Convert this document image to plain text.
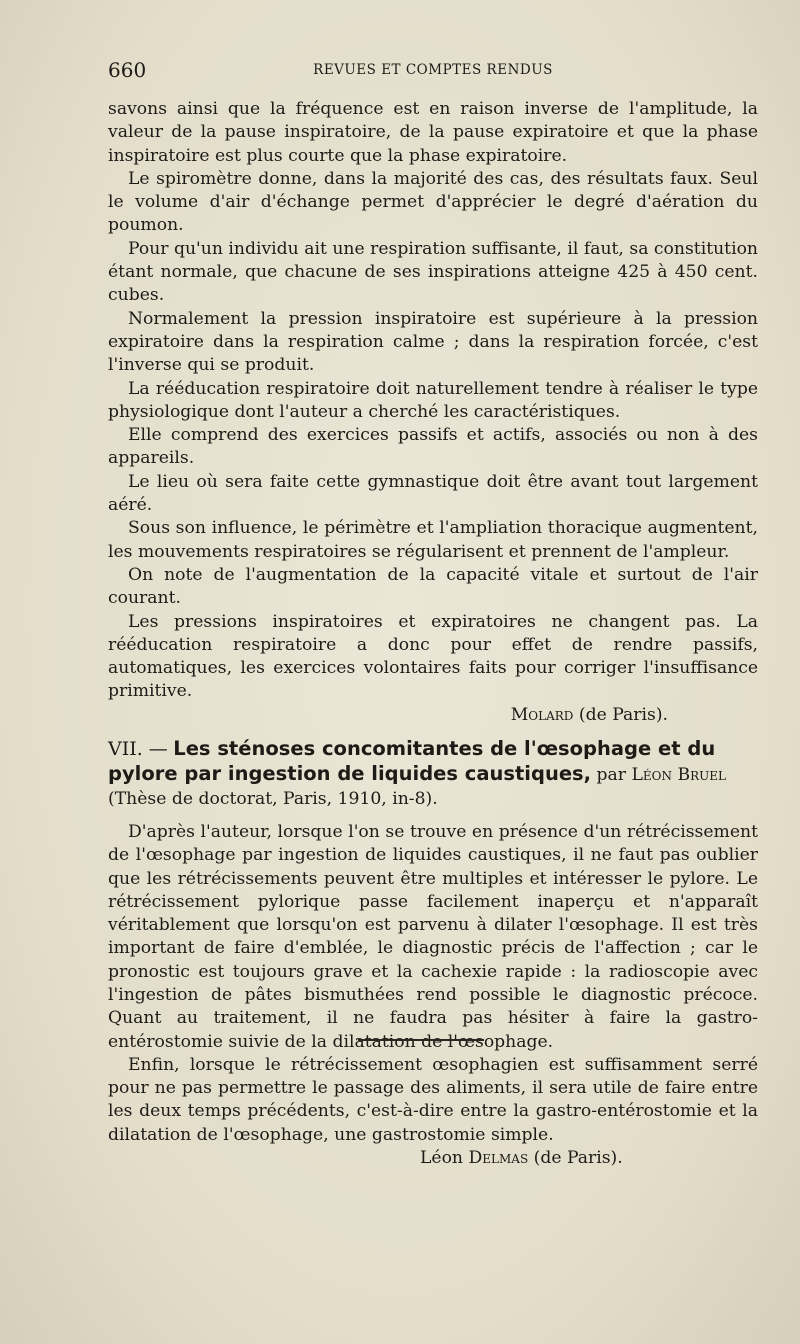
660	REVUES ET COMPTES RENDUS

savons ainsi que la fréquence est en raison inverse de l'amplitude, la valeur de la pause inspiratoire, de la pause expiratoire et que la phase inspiratoire est plus courte que la phase expiratoire.

Le spiromètre donne, dans la majorité des cas, des résultats faux. Seul le volume d'air d'échange permet d'apprécier le degré d'aération du poumon.

Pour qu'un individu ait une respiration suffisante, il faut, sa constitution étant normale, que chacune de ses inspirations atteigne 425 à 450 cent. cubes.

Normalement la pression inspiratoire est supérieure à la pression expiratoire dans la respiration calme ; dans la respiration forcée, c'est l'inverse qui se produit.

La rééducation respiratoire doit naturellement tendre à réaliser le type physiologique dont l'auteur a cherché les caractéristiques.

Elle comprend des exercices passifs et actifs, associés ou non à des appareils.

Le lieu où sera faite cette gymnastique doit être avant tout largement aéré.

Sous son influence, le périmètre et l'ampliation thoracique augmentent, les mouvements respiratoires se régularisent et prennent de l'ampleur.

On note de l'augmentation de la capacité vitale et surtout de l'air courant.

Les pressions inspiratoires et expiratoires ne changent pas. La rééducation respiratoire a donc pour effet de rendre passifs, automatiques, les exercices volontaires faits pour corriger l'insuffisance primitive.

Molard (de Paris).

VII. — Les sténoses concomitantes de l'œsophage et du pylore par ingestion de liquides caustiques, par Léon Bruel (Thèse de doctorat, Paris, 1910, in-8).

D'après l'auteur, lorsque l'on se trouve en présence d'un rétrécissement de l'œsophage par ingestion de liquides caustiques, il ne faut pas oublier que les rétrécissements peuvent être multiples et intéresser le pylore. Le rétrécissement pylorique passe facilement inaperçu et n'apparaît véritablement que lorsqu'on est parvenu à dilater l'œsophage. Il est très important de faire d'emblée, le diagnostic précis de l'affection ; car le pronostic est toujours grave et la cachexie rapide : la radioscopie avec l'ingestion de pâtes bismuthées rend possible le diagnostic précoce. Quant au traitement, il ne faudra pas hésiter à faire la gastro-entérostomie suivie de la dilatation de l'œsophage.

Enfin, lorsque le rétrécissement œsophagien est suffisamment serré pour ne pas permettre le passage des aliments, il sera utile de faire entre les deux temps précédents, c'est-à-dire entre la gastro-entérostomie et la dilatation de l'œsophage, une gastrostomie simple.

Léon Delmas (de Paris).
